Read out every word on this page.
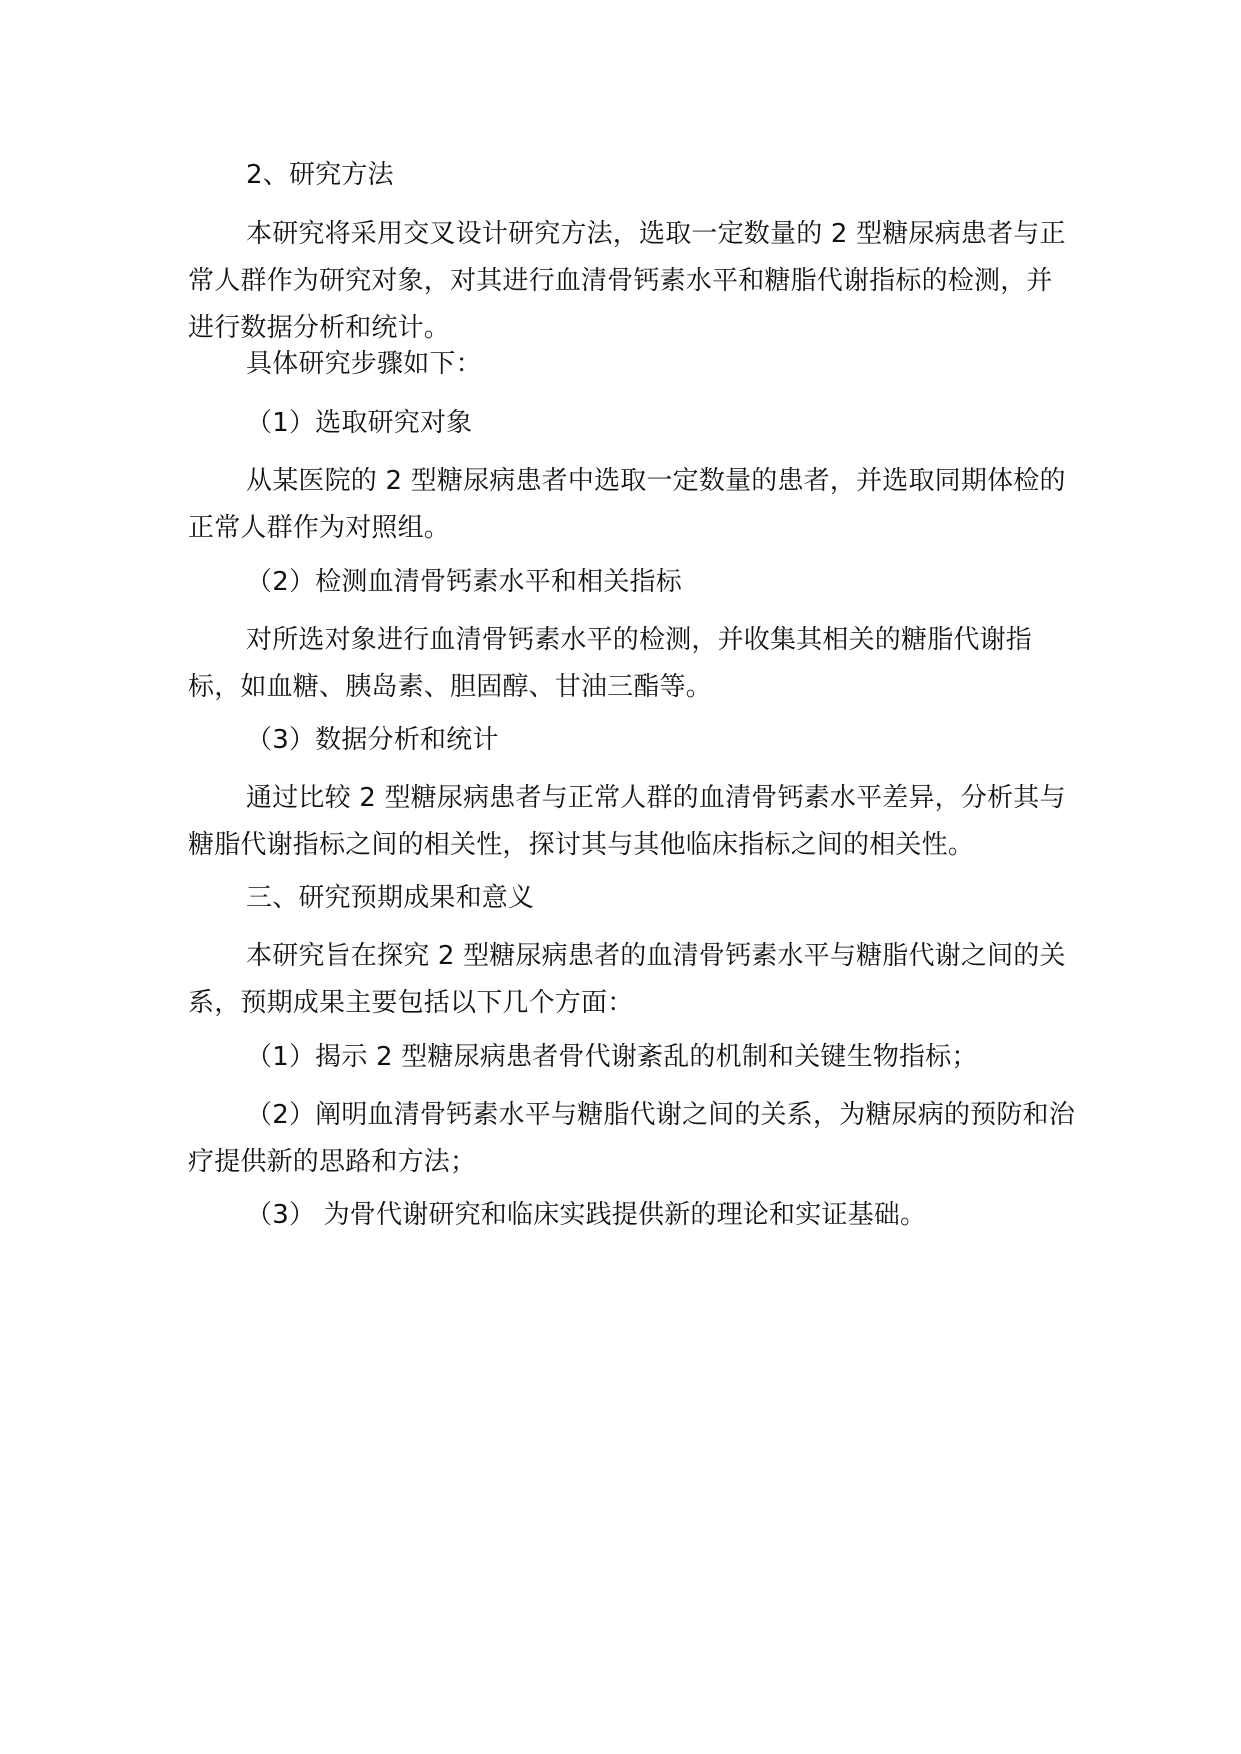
2、研究方法

本研究将采用交叉设计研究方法，选取一定数量的 2 型糖尿病患者与正常人群作为研究对象，对其进行血清骨钙素水平和糖脂代谢指标的检测，并进行数据分析和统计。

具体研究步骤如下：

（1）选取研究对象

从某医院的 2 型糖尿病患者中选取一定数量的患者，并选取同期体检的正常人群作为对照组。

（2）检测血清骨钙素水平和相关指标

对所选对象进行血清骨钙素水平的检测，并收集其相关的糖脂代谢指标，如血糖、胰岛素、胆固醇、甘油三酯等。

（3）数据分析和统计

通过比较 2 型糖尿病患者与正常人群的血清骨钙素水平差异，分析其与糖脂代谢指标之间的相关性，探讨其与其他临床指标之间的相关性。

三、研究预期成果和意义

本研究旨在探究 2 型糖尿病患者的血清骨钙素水平与糖脂代谢之间的关系，预期成果主要包括以下几个方面：

（1）揭示 2 型糖尿病患者骨代谢紊乱的机制和关键生物指标；

（2）阐明血清骨钙素水平与糖脂代谢之间的关系，为糖尿病的预防和治疗提供新的思路和方法；

（3） 为骨代谢研究和临床实践提供新的理论和实证基础。
